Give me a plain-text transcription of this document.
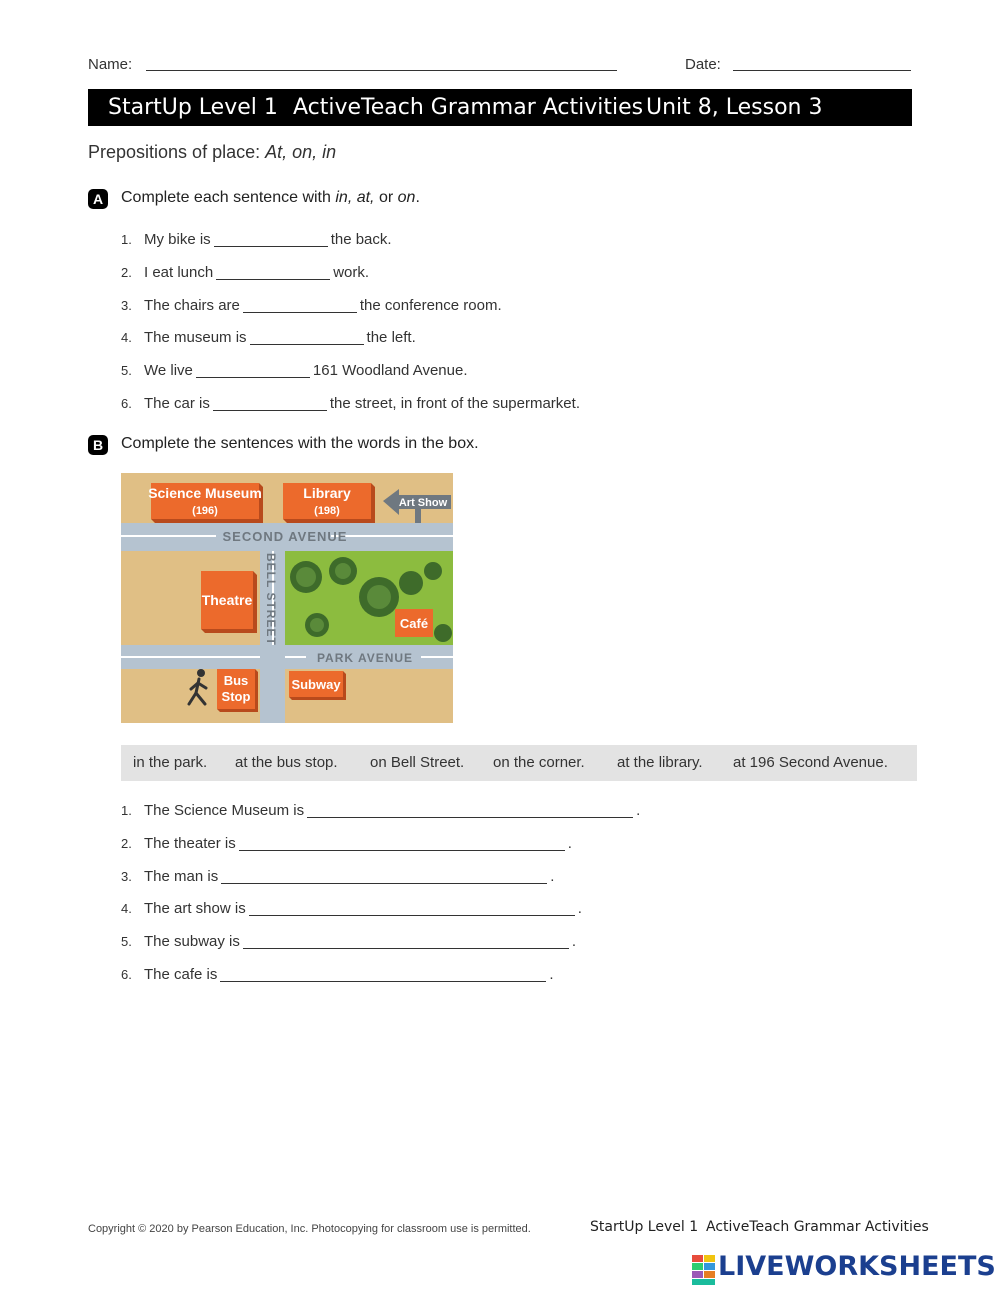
Name:	Date:
StartUp Level 1 ActiveTeach Grammar Activities Unit 8, Lesson 3
Prepositions of place: At, on, in
A	Complete each sentence with in, at, or on.
1. My bike is	the back.
2. I eat lunch	work.
3. The chairs are	the conference room.
4. The museum is	the left.
5. We live	161 Woodland Avenue.
6. The car is	the street, in front of the supermarket.
B	Complete the sentences with the words in the box.
Science Museum
(196)
Library
(198)
Art Show
SECOND AVENUE
BELL STREET
Theatre
Café
PARK AVENUE
Bus
Stop
Subway
in the park. at the bus stop. on Bell Street. on the corner. at the library. at 196 Second Avenue.
1. The Science Museum is	.
2. The theater is	.
3. The man is	.
4. The art show is	.
5. The subway is	.
6. The cafe is	.
Copyright © 2020 by Pearson Education, Inc. Photocopying for classroom use is permitted.	StartUp Level 1 ActiveTeach Grammar Activities
LIVEWORKSHEETS
